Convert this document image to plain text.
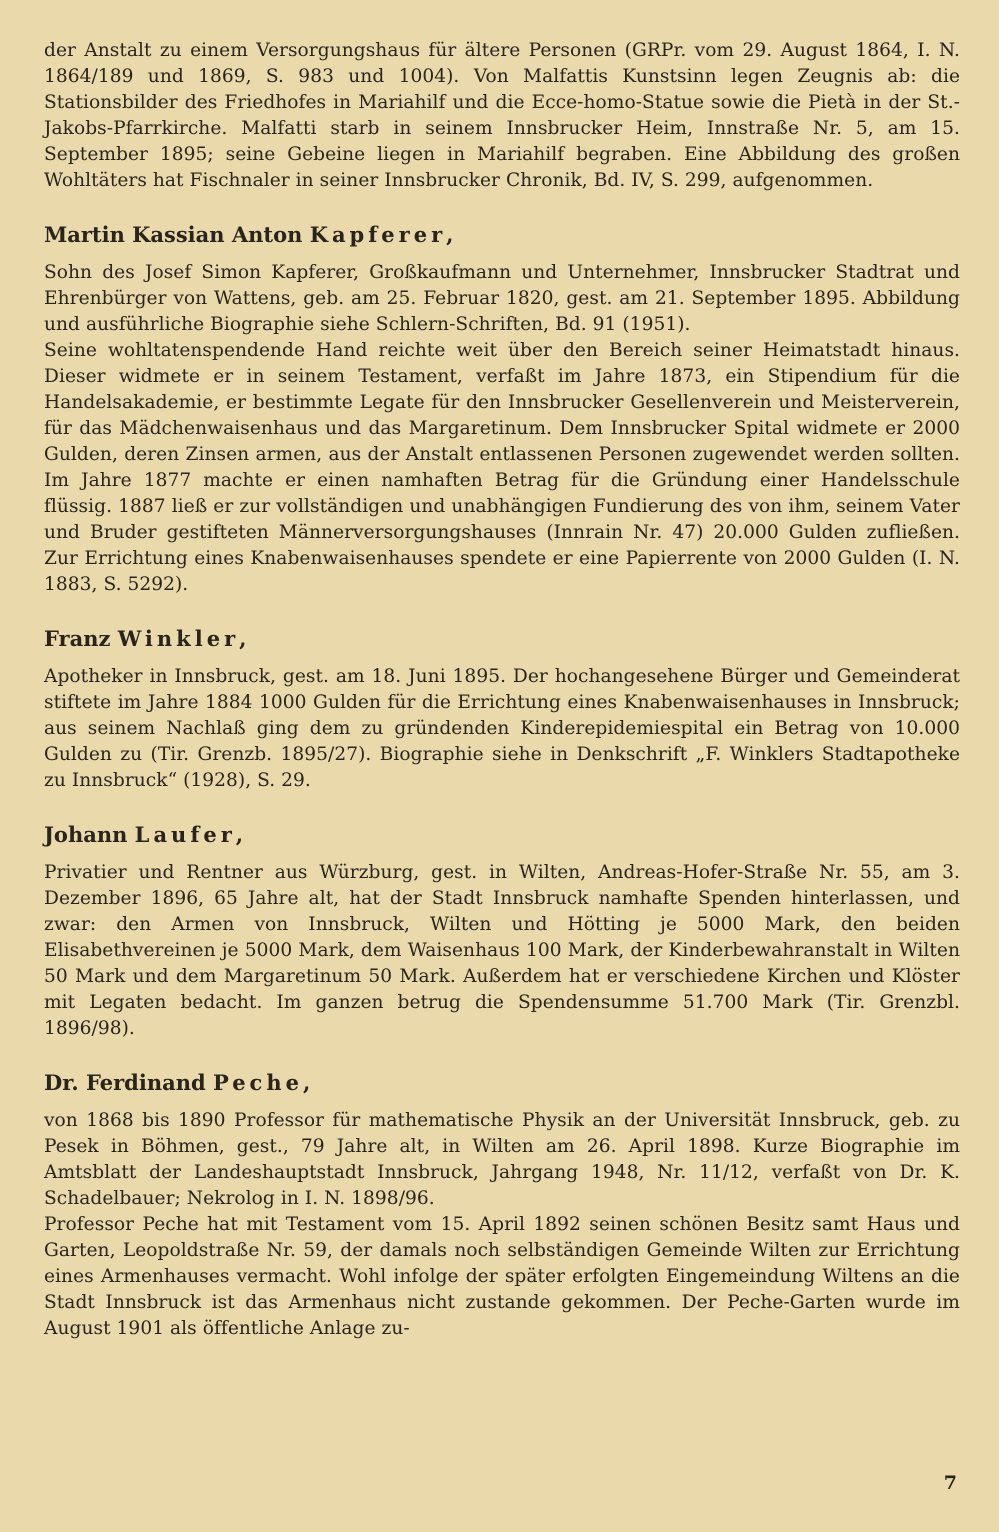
der Anstalt zu einem Versorgungshaus für ältere Personen (GRPr. vom 29. August 1864, I. N. 1864/189 und 1869, S. 983 und 1004). Von Malfattis Kunstsinn legen Zeugnis ab: die Stationsbilder des Friedhofes in Mariahilf und die Ecce-homo-Statue sowie die Pietà in der St.-Jakobs-Pfarrkirche. Malfatti starb in seinem Innsbrucker Heim, Innstraße Nr. 5, am 15. September 1895; seine Gebeine liegen in Mariahilf begraben. Eine Abbildung des großen Wohltäters hat Fischnaler in seiner Innsbrucker Chronik, Bd. IV, S. 299, aufgenommen.

Martin Kassian Anton Kapferer,

Sohn des Josef Simon Kapferer, Großkaufmann und Unternehmer, Innsbrucker Stadtrat und Ehrenbürger von Wattens, geb. am 25. Februar 1820, gest. am 21. September 1895. Abbildung und ausführliche Biographie siehe Schlern-Schriften, Bd. 91 (1951).

Seine wohltatenspendende Hand reichte weit über den Bereich seiner Heimatstadt hinaus. Dieser widmete er in seinem Testament, verfaßt im Jahre 1873, ein Stipendium für die Handelsakademie, er bestimmte Legate für den Innsbrucker Gesellenverein und Meisterverein, für das Mädchenwaisenhaus und das Margaretinum. Dem Innsbrucker Spital widmete er 2000 Gulden, deren Zinsen armen, aus der Anstalt entlassenen Personen zugewendet werden sollten. Im Jahre 1877 machte er einen namhaften Betrag für die Gründung einer Handelsschule flüssig. 1887 ließ er zur vollständigen und unabhängigen Fundierung des von ihm, seinem Vater und Bruder gestifteten Männerversorgungshauses (Innrain Nr. 47) 20.000 Gulden zufließen. Zur Errichtung eines Knabenwaisenhauses spendete er eine Papierrente von 2000 Gulden (I. N. 1883, S. 5292).

Franz Winkler,

Apotheker in Innsbruck, gest. am 18. Juni 1895. Der hochangesehene Bürger und Gemeinderat stiftete im Jahre 1884 1000 Gulden für die Errichtung eines Knabenwaisenhauses in Innsbruck; aus seinem Nachlaß ging dem zu gründenden Kinderepidemiespital ein Betrag von 10.000 Gulden zu (Tir. Grenzb. 1895/27). Biographie siehe in Denkschrift „F. Winklers Stadtapotheke zu Innsbruck“ (1928), S. 29.

Johann Laufer,

Privatier und Rentner aus Würzburg, gest. in Wilten, Andreas-Hofer-Straße Nr. 55, am 3. Dezember 1896, 65 Jahre alt, hat der Stadt Innsbruck namhafte Spenden hinterlassen, und zwar: den Armen von Innsbruck, Wilten und Hötting je 5000 Mark, den beiden Elisabethvereinen je 5000 Mark, dem Waisenhaus 100 Mark, der Kinderbewahranstalt in Wilten 50 Mark und dem Margaretinum 50 Mark. Außerdem hat er verschiedene Kirchen und Klöster mit Legaten bedacht. Im ganzen betrug die Spendensumme 51.700 Mark (Tir. Grenzbl. 1896/98).

Dr. Ferdinand Peche,

von 1868 bis 1890 Professor für mathematische Physik an der Universität Innsbruck, geb. zu Pesek in Böhmen, gest., 79 Jahre alt, in Wilten am 26. April 1898. Kurze Biographie im Amtsblatt der Landeshauptstadt Innsbruck, Jahrgang 1948, Nr. 11/12, verfaßt von Dr. K. Schadelbauer; Nekrolog in I. N. 1898/96.

Professor Peche hat mit Testament vom 15. April 1892 seinen schönen Besitz samt Haus und Garten, Leopoldstraße Nr. 59, der damals noch selbständigen Gemeinde Wilten zur Errichtung eines Armenhauses vermacht. Wohl infolge der später erfolgten Eingemeindung Wiltens an die Stadt Innsbruck ist das Armenhaus nicht zustande gekommen. Der Peche-Garten wurde im August 1901 als öffentliche Anlage zu-

7
